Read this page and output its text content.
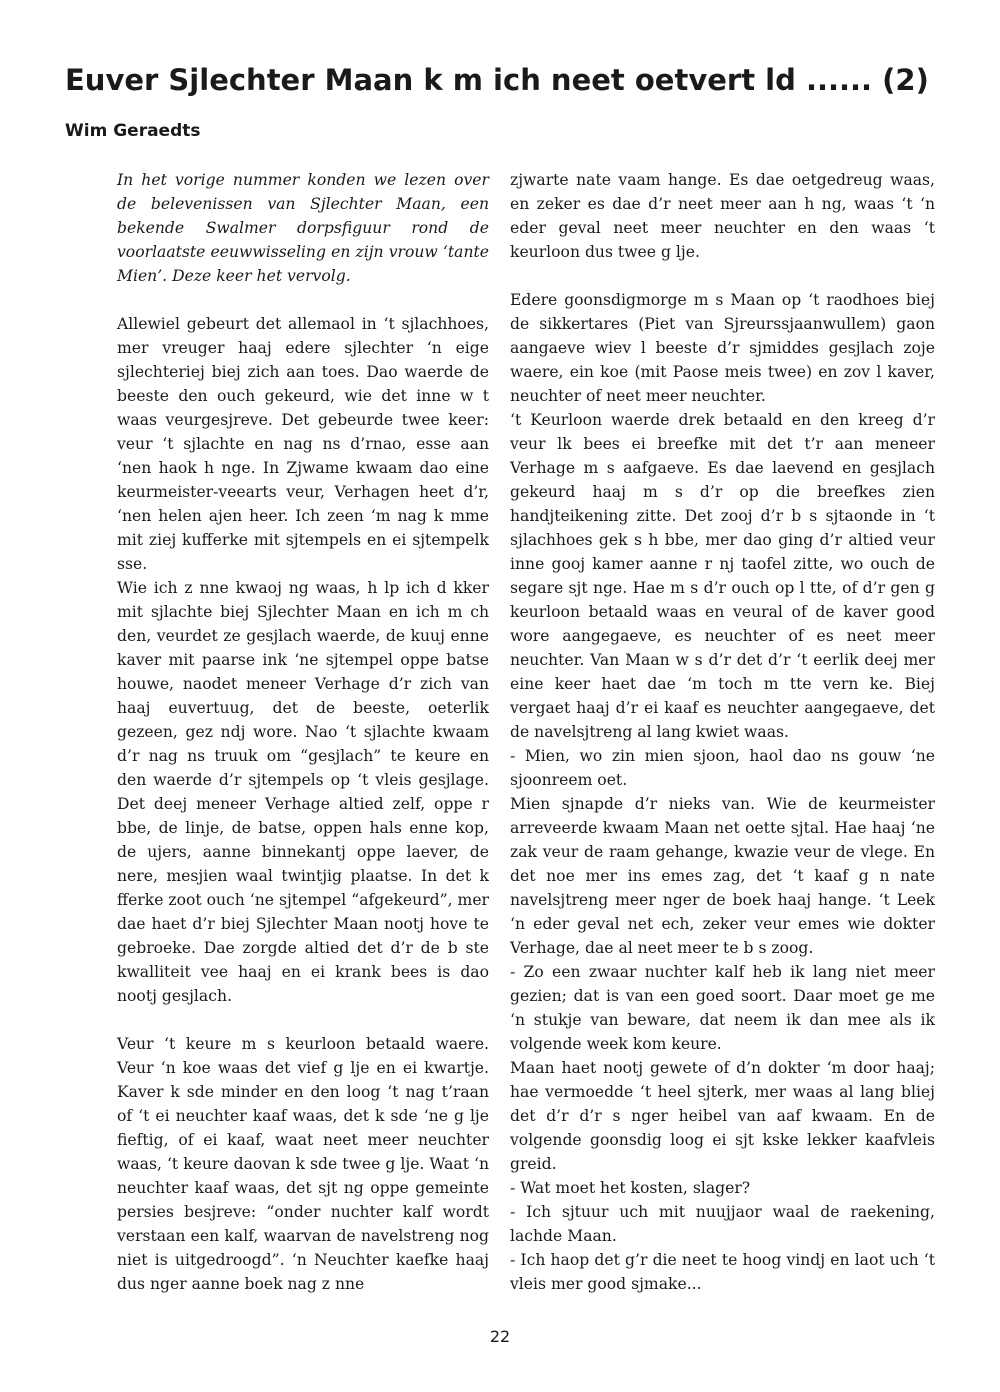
Euver Sjlechter Maan k m ich neet oetvert ld ...... (2)
Wim Geraedts

In het vorige nummer konden we lezen over de belevenissen van Sjlechter Maan, een bekende Swalmer dorpsfiguur rond de voorlaatste eeuwwisseling en zijn vrouw ‘tante Mien’. Deze keer het vervolg.

Allewiel gebeurt det allemaol in ‘t sjlachhoes, mer vreuger haaj edere sjlechter ‘n eige sjlechteriej biej zich aan toes. Dao waerde de beeste den ouch gekeurd, wie det inne w t waas veurgesjreve. Det gebeurde twee keer: veur ‘t sjlachte en nag ns d’rnao, esse aan ‘nen haok h nge. In Zjwame kwaam dao eine keurmeister-veearts veur, Verhagen heet d’r, ‘nen helen ajen heer. Ich zeen ‘m nag k mme mit ziej kufferke mit sjtempels en ei sjtempelk sse.

Wie ich z nne kwaoj ng waas, h lp ich d kker mit sjlachte biej Sjlechter Maan en ich m ch den, veurdet ze gesjlach waerde, de kuuj enne kaver mit paarse ink ‘ne sjtempel oppe batse houwe, naodet meneer Verhage d’r zich van haaj euvertuug, det de beeste, oeterlik gezeen, gez ndj wore. Nao ‘t sjlachte kwaam d’r nag ns truuk om “gesjlach” te keure en den waerde d’r sjtempels op ‘t vleis gesjlage. Det deej meneer Verhage altied zelf, oppe r bbe, de linje, de batse, oppen hals enne kop, de ujers, aanne binnekantj oppe laever, de nere, mesjien waal twintjig plaatse. In det k fferke zoot ouch ‘ne sjtempel “afgekeurd”, mer dae haet d’r biej Sjlechter Maan nootj hove te gebroeke. Dae zorgde altied det d’r de b ste kwalliteit vee haaj en ei krank bees is dao nootj gesjlach.

Veur ‘t keure m s keurloon betaald waere. Veur ‘n koe waas det vief g lje en ei kwartje. Kaver k sde minder en den loog ‘t nag t’raan of ‘t ei neuchter kaaf waas, det k sde ‘ne g lje fieftig, of ei kaaf, waat neet meer neuchter waas, ‘t keure daovan k sde twee g lje. Waat ‘n neuchter kaaf waas, det sjt ng oppe gemeinte persies besjreve: “onder nuchter kalf wordt verstaan een kalf, waarvan de navelstreng nog niet is uitgedroogd”. ‘n Neuchter kaefke haaj dus nger aanne boek nag z nne

zjwarte nate vaam hange. Es dae oetgedreug waas, en zeker es dae d’r neet meer aan h ng, waas ‘t ‘n eder geval neet meer neuchter en den waas ‘t keurloon dus twee g lje.

Edere goonsdigmorge m s Maan op ‘t raodhoes biej de sikkertares (Piet van Sjreurssjaanwullem) gaon aangaeve wiev l beeste d’r sjmiddes gesjlach zoje waere, ein koe (mit Paose meis twee) en zov l kaver, neuchter of neet meer neuchter.

‘t Keurloon waerde drek betaald en den kreeg d’r veur lk bees ei breefke mit det t’r aan meneer Verhage m s aafgaeve. Es dae laevend en gesjlach gekeurd haaj m s d’r op die breefkes zien handjteikening zitte. Det zooj d’r b s sjtaonde in ‘t sjlachhoes gek s h bbe, mer dao ging d’r altied veur inne gooj kamer aanne r nj taofel zitte, wo ouch de segare sjt nge. Hae m s d’r ouch op l tte, of d’r gen g keurloon betaald waas en veural of de kaver good wore aangegaeve, es neuchter of es neet meer neuchter. Van Maan w s d’r det d’r ‘t eerlik deej mer eine keer haet dae ‘m toch m tte vern ke. Biej vergaet haaj d’r ei kaaf es neuchter aangegaeve, det de navelsjtreng al lang kwiet waas.

- Mien, wo zin mien sjoon, haol dao ns gouw ‘ne sjoonreem oet.

Mien sjnapde d’r nieks van. Wie de keurmeister arreveerde kwaam Maan net oette sjtal. Hae haaj ‘ne zak veur de raam gehange, kwazie veur de vlege. En det noe mer ins emes zag, det ‘t kaaf g n nate navelsjtreng meer nger de boek haaj hange. ‘t Leek ‘n eder geval net ech, zeker veur emes wie dokter Verhage, dae al neet meer te b s zoog.

- Zo een zwaar nuchter kalf heb ik lang niet meer gezien; dat is van een goed soort. Daar moet ge me ‘n stukje van beware, dat neem ik dan mee als ik volgende week kom keure.

Maan haet nootj gewete of d’n dokter ‘m door haaj; hae vermoedde ‘t heel sjterk, mer waas al lang bliej det d’r d’r s nger heibel van aaf kwaam. En de volgende goonsdig loog ei sjt kske lekker kaafvleis greid.

- Wat moet het kosten, slager?

- Ich sjtuur uch mit nuujjaor waal de raekening, lachde Maan.

- Ich haop det g’r die neet te hoog vindj en laot uch ‘t vleis mer good sjmake...

22
